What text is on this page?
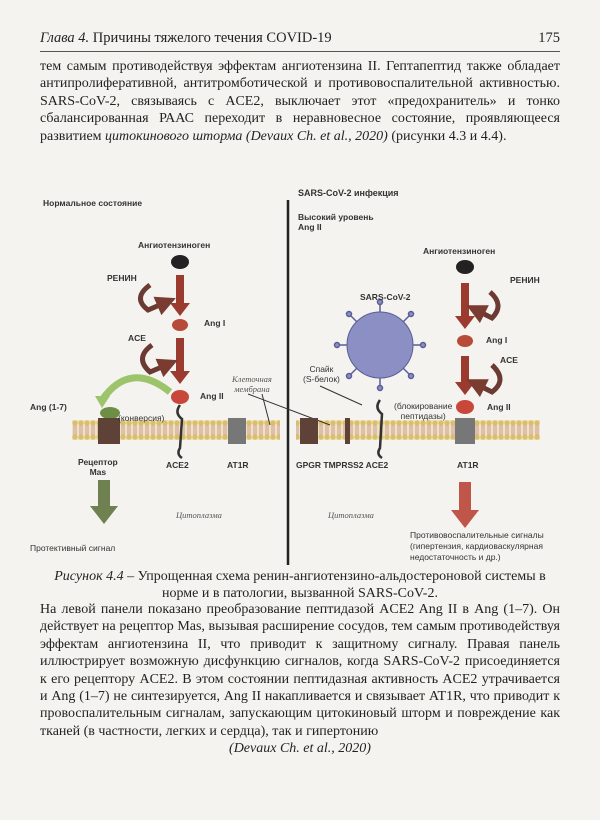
Глава 4. Причины тяжелого течения COVID-19	175
тем самым противодействуя эффектам ангиотензина II. Гептапептид также обладает антипролиферативной, антитромботической и противовоспалительной активностью. SARS-CoV-2, связываясь с ACE2, выключает этот «предохранитель» и тонко сбалансированная РААС переходит в неравновесное состояние, проявляющееся развитием цитокинового шторма (Devaux Ch. et al., 2020) (рисунки 4.3 и 4.4).
Нормальное состояние
Ангиотензиноген
РЕНИН
Ang I
ACE
Ang II
Ang (1-7)
(конверсия)
Клеточная
мембрана
Рецептор
Mas
ACE2	AT1R
Цитоплазма
Протективный сигнал
SARS-CoV-2 инфекция
Высокий уровень
Ang II
Ангиотензиноген
РЕНИН
SARS-CoV-2
Ang I
ACE
Спайк
(S-белок)
(блокирование
пептидазы)
Ang II
GPGR TMPRSS2 ACE2	AT1R
Цитоплазма
Противовоспалительные сигналы
(гипертензия, кардиоваскулярная
недостаточность и др.)
Рисунок 4.4 – Упрощенная схема ренин-ангиотензино-альдостероновой системы в норме и в патологии, вызванной SARS-CoV-2.
На левой панели показано преобразование пептидазой ACE2 Ang II в Ang (1–7). Он действует на рецептор Mas, вызывая расширение сосудов, тем самым противодействуя эффектам ангиотензина II, что приводит к защитному сигналу. Правая панель иллюстрирует возможную дисфункцию сигналов, когда SARS-CoV-2 присоединяется к его рецептору ACE2. В этом состоянии пептидазная активность ACE2 утрачивается и Ang (1–7) не синтезируется, Ang II накапливается и связывает AT1R, что приводит к провоспалительным сигналам, запускающим цитокиновый шторм и повреждение как тканей (в частности, легких и сердца), так и гипертонию
(Devaux Ch. et al., 2020)
